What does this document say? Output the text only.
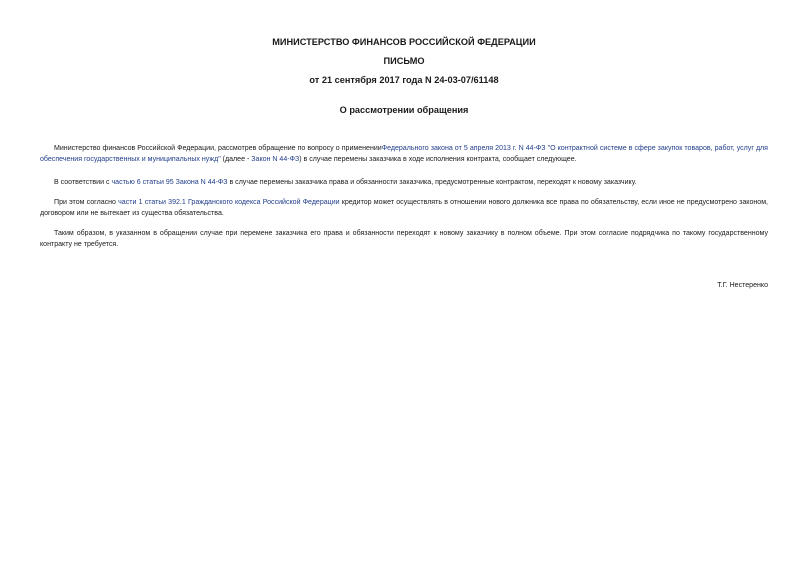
МИНИСТЕРСТВО ФИНАНСОВ РОССИЙСКОЙ ФЕДЕРАЦИИ
ПИСЬМО
от 21 сентября 2017 года N 24-03-07/61148
О рассмотрении обращения
Министерство финансов Российской Федерации, рассмотрев обращение по вопросу о примененииФедерального закона от 5 апреля 2013 г. N 44-ФЗ "О контрактной системе в сфере закупок товаров, работ, услуг для обеспечения государственных и муниципальных нужд" (далее - Закон N 44-ФЗ) в случае перемены заказчика в ходе исполнения контракта, сообщает следующее.
В соответствии с частью 6 статьи 95 Закона N 44-ФЗ в случае перемены заказчика права и обязанности заказчика, предусмотренные контрактом, переходят к новому заказчику.
При этом согласно части 1 статьи 392.1 Гражданского кодекса Российской Федерации кредитор может осуществлять в отношении нового должника все права по обязательству, если иное не предусмотрено законом, договором или не вытекает из существа обязательства.
Таким образом, в указанном в обращении случае при перемене заказчика его права и обязанности переходят к новому заказчику в полном объеме. При этом согласие подрядчика по такому государственному контракту не требуется.
Т.Г. Нестеренко
